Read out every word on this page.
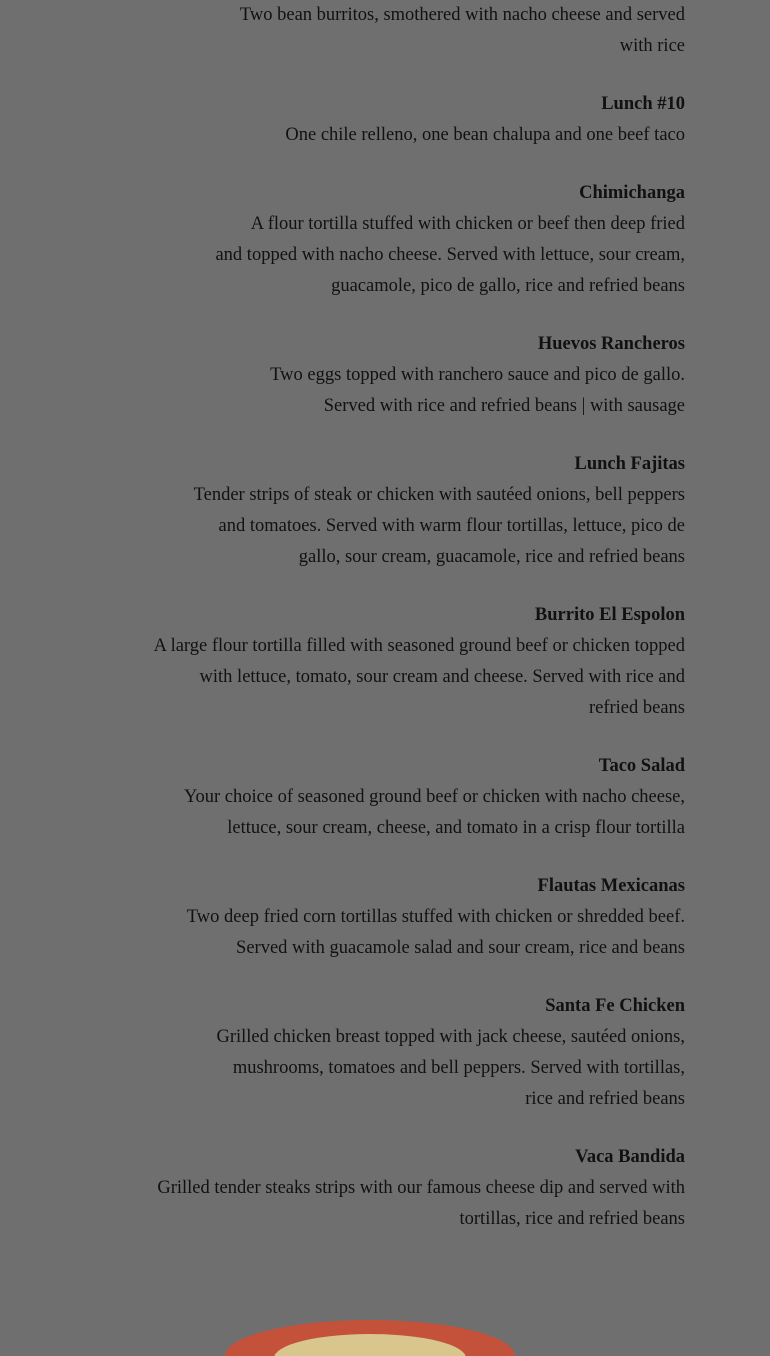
Two bean burritos, smothered with nacho cheese and served
with rice
Lunch #10
One chile relleno, one bean chalupa and one beef taco
Chimichanga
A flour tortilla stuffed with chicken or beef then deep fried
and topped with nacho cheese. Served with lettuce, sour cream,
guacamole, pico de gallo, rice and refried beans
Huevos Rancheros
Two eggs topped with ranchero sauce and pico de gallo.
Served with rice and refried beans | with sausage
Lunch Fajitas
Tender strips of steak or chicken with sautéed onions, bell peppers
and tomatoes. Served with warm flour tortillas, lettuce, pico de
gallo, sour cream, guacamole, rice and refried beans
Burrito El Espolon
A large flour tortilla filled with seasoned ground beef or chicken topped
with lettuce, tomato, sour cream and cheese. Served with rice and
refried beans
Taco Salad
Your choice of seasoned ground beef or chicken with nacho cheese,
lettuce, sour cream, cheese, and tomato in a crisp flour tortilla
Flautas Mexicanas
Two deep fried corn tortillas stuffed with chicken or shredded beef.
Served with guacamole salad and sour cream, rice and beans
Santa Fe Chicken
Grilled chicken breast topped with jack cheese, sautéed onions,
mushrooms, tomatoes and bell peppers. Served with tortillas,
rice and refried beans
Vaca Bandida
Grilled tender steaks strips with our famous cheese dip and served with
tortillas, rice and refried beans
